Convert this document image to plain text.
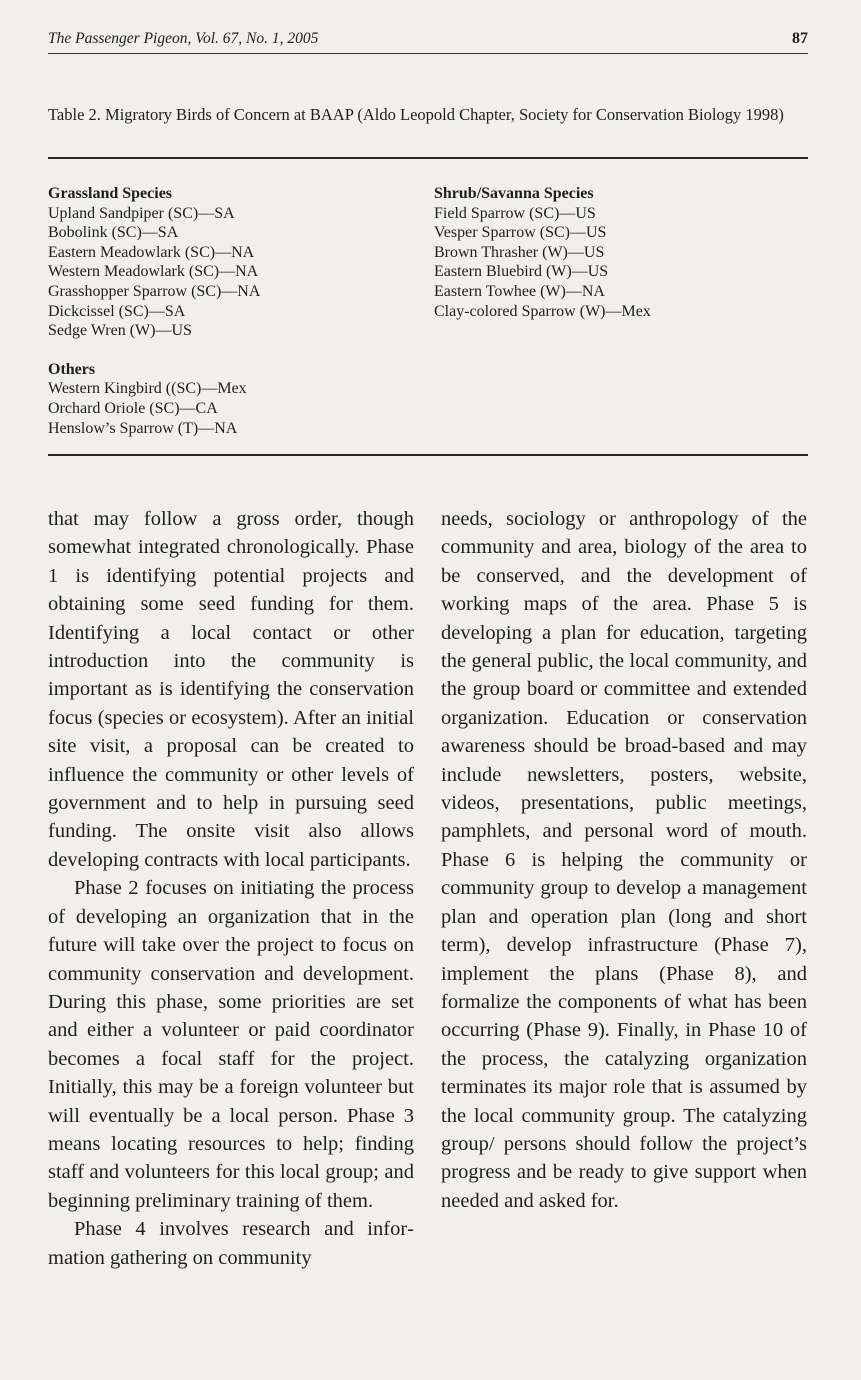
The Passenger Pigeon, Vol. 67, No. 1, 2005	87
Table 2. Migratory Birds of Concern at BAAP (Aldo Leopold Chapter, Society for Conservation Biology 1998)
Grassland Species
Upland Sandpiper (SC)—SA
Bobolink (SC)—SA
Eastern Meadowlark (SC)—NA
Western Meadowlark (SC)—NA
Grasshopper Sparrow (SC)—NA
Dickcissel (SC)—SA
Sedge Wren (W)—US
Others
Western Kingbird ((SC)—Mex
Orchard Oriole (SC)—CA
Henslow’s Sparrow (T)—NA
Shrub/Savanna Species
Field Sparrow (SC)—US
Vesper Sparrow (SC)—US
Brown Thrasher (W)—US
Eastern Bluebird (W)—US
Eastern Towhee (W)—NA
Clay-colored Sparrow (W)—Mex

that may follow a gross order, though somewhat integrated chronologically. Phase 1 is identifying potential projects and obtaining some seed funding for them. Identifying a local contact or other introduction into the community is important as is identifying the conservation focus (species or ecosystem). After an initial site visit, a proposal can be created to influence the community or other levels of government and to help in pursuing seed funding. The onsite visit also allows developing contracts with local participants.

Phase 2 focuses on initiating the process of developing an organization that in the future will take over the project to focus on community conservation and development. During this phase, some priorities are set and either a volunteer or paid coordinator becomes a focal staff for the project. Initially, this may be a foreign volunteer but will eventually be a local person. Phase 3 means locating resources to help; finding staff and volunteers for this local group; and beginning preliminary training of them.

Phase 4 involves research and information gathering on community

needs, sociology or anthropology of the community and area, biology of the area to be conserved, and the development of working maps of the area. Phase 5 is developing a plan for education, targeting the general public, the local community, and the group board or committee and extended organization. Education or conservation awareness should be broad-based and may include newsletters, posters, website, videos, presentations, public meetings, pamphlets, and personal word of mouth. Phase 6 is helping the community or community group to develop a management plan and operation plan (long and short term), develop infrastructure (Phase 7), implement the plans (Phase 8), and formalize the components of what has been occurring (Phase 9). Finally, in Phase 10 of the process, the catalyzing organization terminates its major role that is assumed by the local community group. The catalyzing group/ persons should follow the project’s progress and be ready to give support when needed and asked for.
